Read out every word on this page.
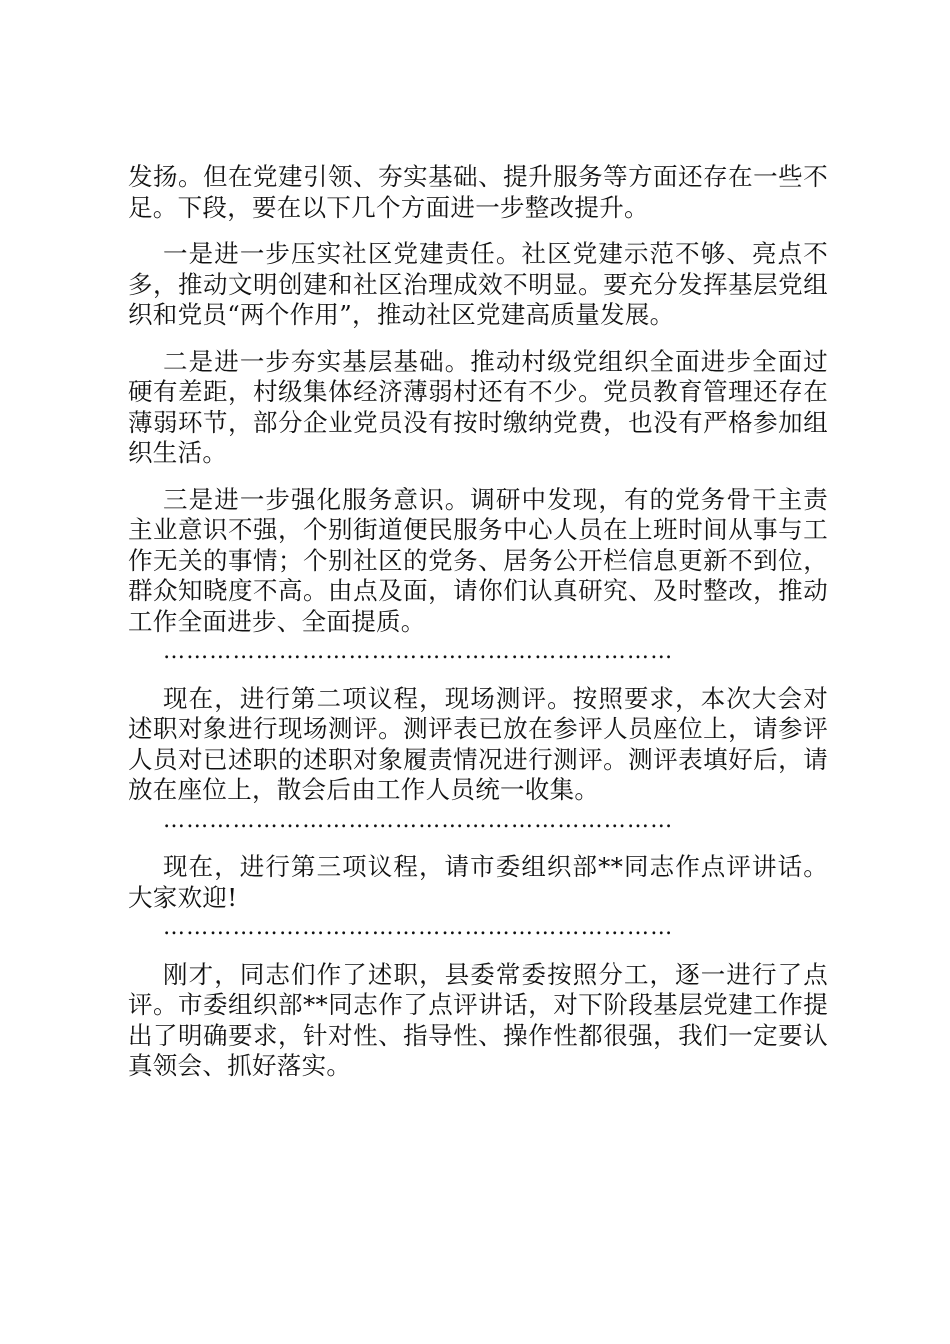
发扬。但在党建引领、夯实基础、提升服务等方面还存在一些不足。下段，要在以下几个方面进一步整改提升。

一是进一步压实社区党建责任。社区党建示范不够、亮点不多，推动文明创建和社区治理成效不明显。要充分发挥基层党组织和党员“两个作用”，推动社区党建高质量发展。

二是进一步夯实基层基础。推动村级党组织全面进步全面过硬有差距，村级集体经济薄弱村还有不少。党员教育管理还存在薄弱环节，部分企业党员没有按时缴纳党费，也没有严格参加组织生活。

三是进一步强化服务意识。调研中发现，有的党务骨干主责主业意识不强，个别街道便民服务中心人员在上班时间从事与工作无关的事情；个别社区的党务、居务公开栏信息更新不到位，群众知晓度不高。由点及面，请你们认真研究、及时整改，推动工作全面进步、全面提质。

…………………………………………………………

现在，进行第二项议程，现场测评。按照要求，本次大会对述职对象进行现场测评。测评表已放在参评人员座位上，请参评人员对已述职的述职对象履责情况进行测评。测评表填好后，请放在座位上，散会后由工作人员统一收集。

…………………………………………………………

现在，进行第三项议程，请市委组织部**同志作点评讲话。大家欢迎!

…………………………………………………………

刚才，同志们作了述职，县委常委按照分工，逐一进行了点评。市委组织部**同志作了点评讲话，对下阶段基层党建工作提出了明确要求，针对性、指导性、操作性都很强，我们一定要认真领会、抓好落实。
